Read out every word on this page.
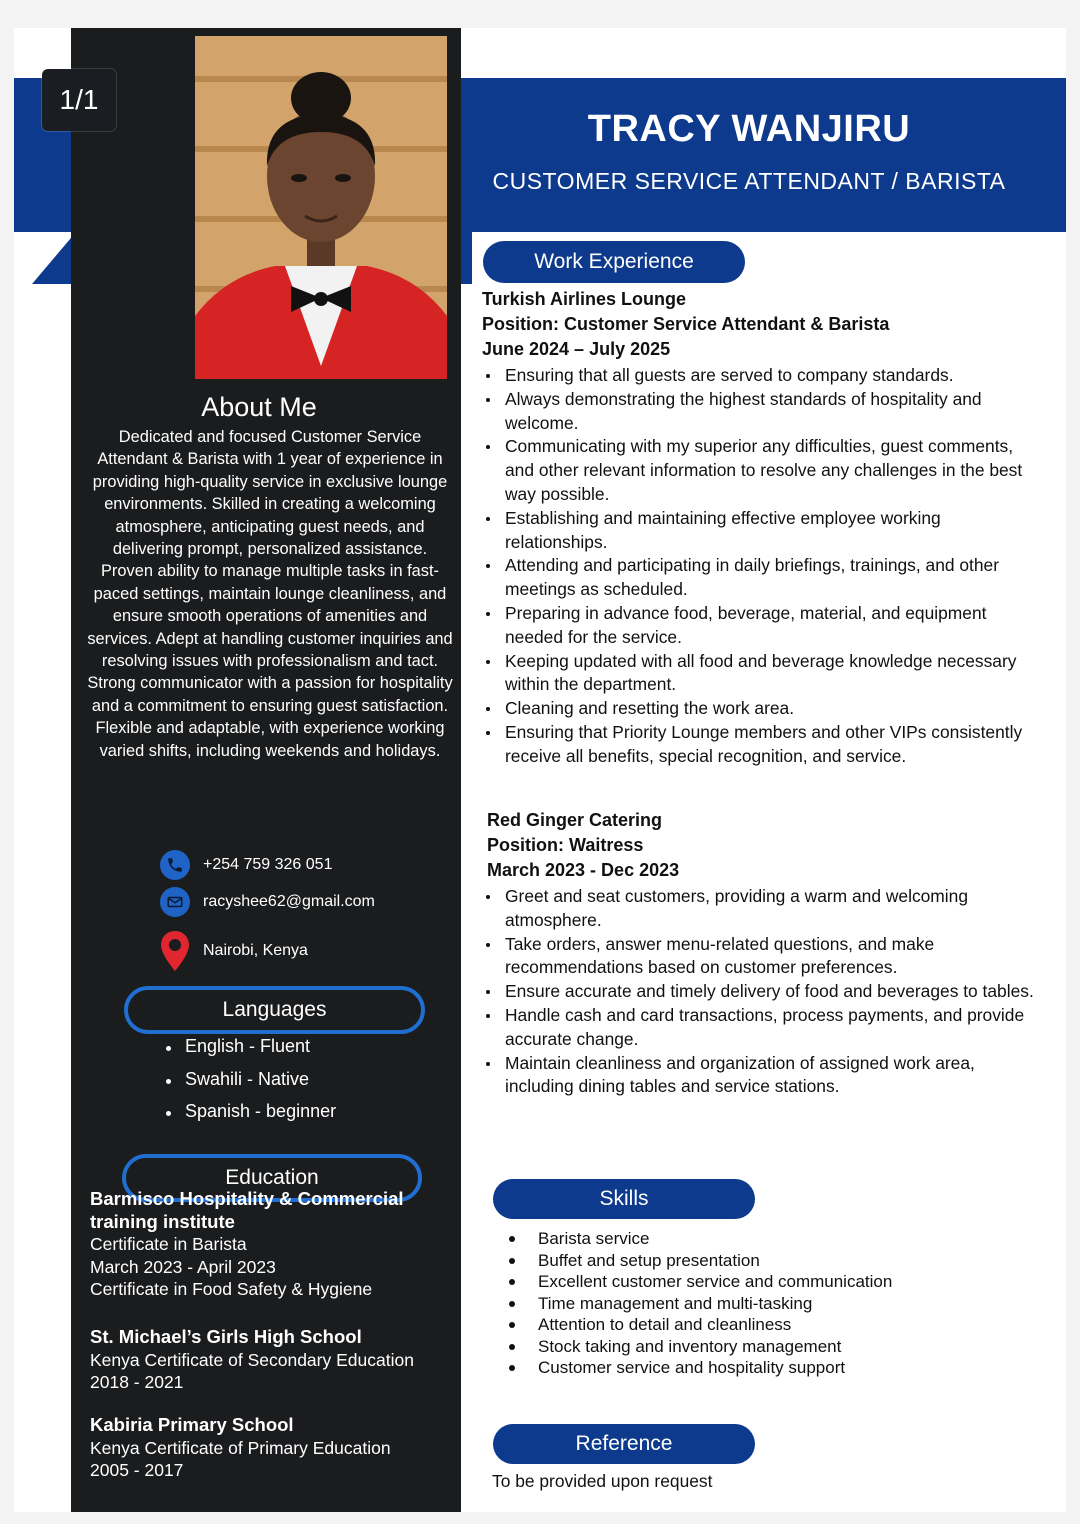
TRACY WANJIRU
CUSTOMER SERVICE ATTENDANT / BARISTA
About Me
Dedicated and focused Customer Service Attendant & Barista with 1 year of experience in providing high-quality service in exclusive lounge environments. Skilled in creating a welcoming atmosphere, anticipating guest needs, and delivering prompt, personalized assistance. Proven ability to manage multiple tasks in fast-paced settings, maintain lounge cleanliness, and ensure smooth operations of amenities and services. Adept at handling customer inquiries and resolving issues with professionalism and tact. Strong communicator with a passion for hospitality and a commitment to ensuring guest satisfaction. Flexible and adaptable, with experience working varied shifts, including weekends and holidays.
+254 759 326 051
racyshee62@gmail.com
Nairobi, Kenya
Languages
English - Fluent
Swahili - Native
Spanish - beginner
Education
Barmisco Hospitality & Commercial training institute
Certificate in Barista
March 2023 - April 2023
Certificate in Food Safety & Hygiene
St. Michael’s Girls High School
Kenya Certificate of Secondary Education
2018 - 2021
Kabiria Primary School
Kenya Certificate of Primary Education
2005 - 2017
Work Experience
Turkish Airlines Lounge
Position: Customer Service Attendant & Barista
June 2024 – July 2025
Ensuring that all guests are served to company standards.
Always demonstrating the highest standards of hospitality and welcome.
Communicating with my superior any difficulties, guest comments, and other relevant information to resolve any challenges in the best way possible.
Establishing and maintaining effective employee working relationships.
Attending and participating in daily briefings, trainings, and other meetings as scheduled.
Preparing in advance food, beverage, material, and equipment needed for the service.
Keeping updated with all food and beverage knowledge necessary within the department.
Cleaning and resetting the work area.
Ensuring that Priority Lounge members and other VIPs consistently receive all benefits, special recognition, and service.
Red Ginger Catering
Position: Waitress
March 2023 - Dec 2023
Greet and seat customers, providing a warm and welcoming atmosphere.
Take orders, answer menu-related questions, and make recommendations based on customer preferences.
Ensure accurate and timely delivery of food and beverages to tables.
Handle cash and card transactions, process payments, and provide accurate change.
Maintain cleanliness and organization of assigned work area, including dining tables and service stations.
Skills
Barista service
Buffet and setup presentation
Excellent customer service and communication
Time management and multi-tasking
Attention to detail and cleanliness
Stock taking and inventory management
Customer service and hospitality support
Reference
To be provided upon request
1/1
